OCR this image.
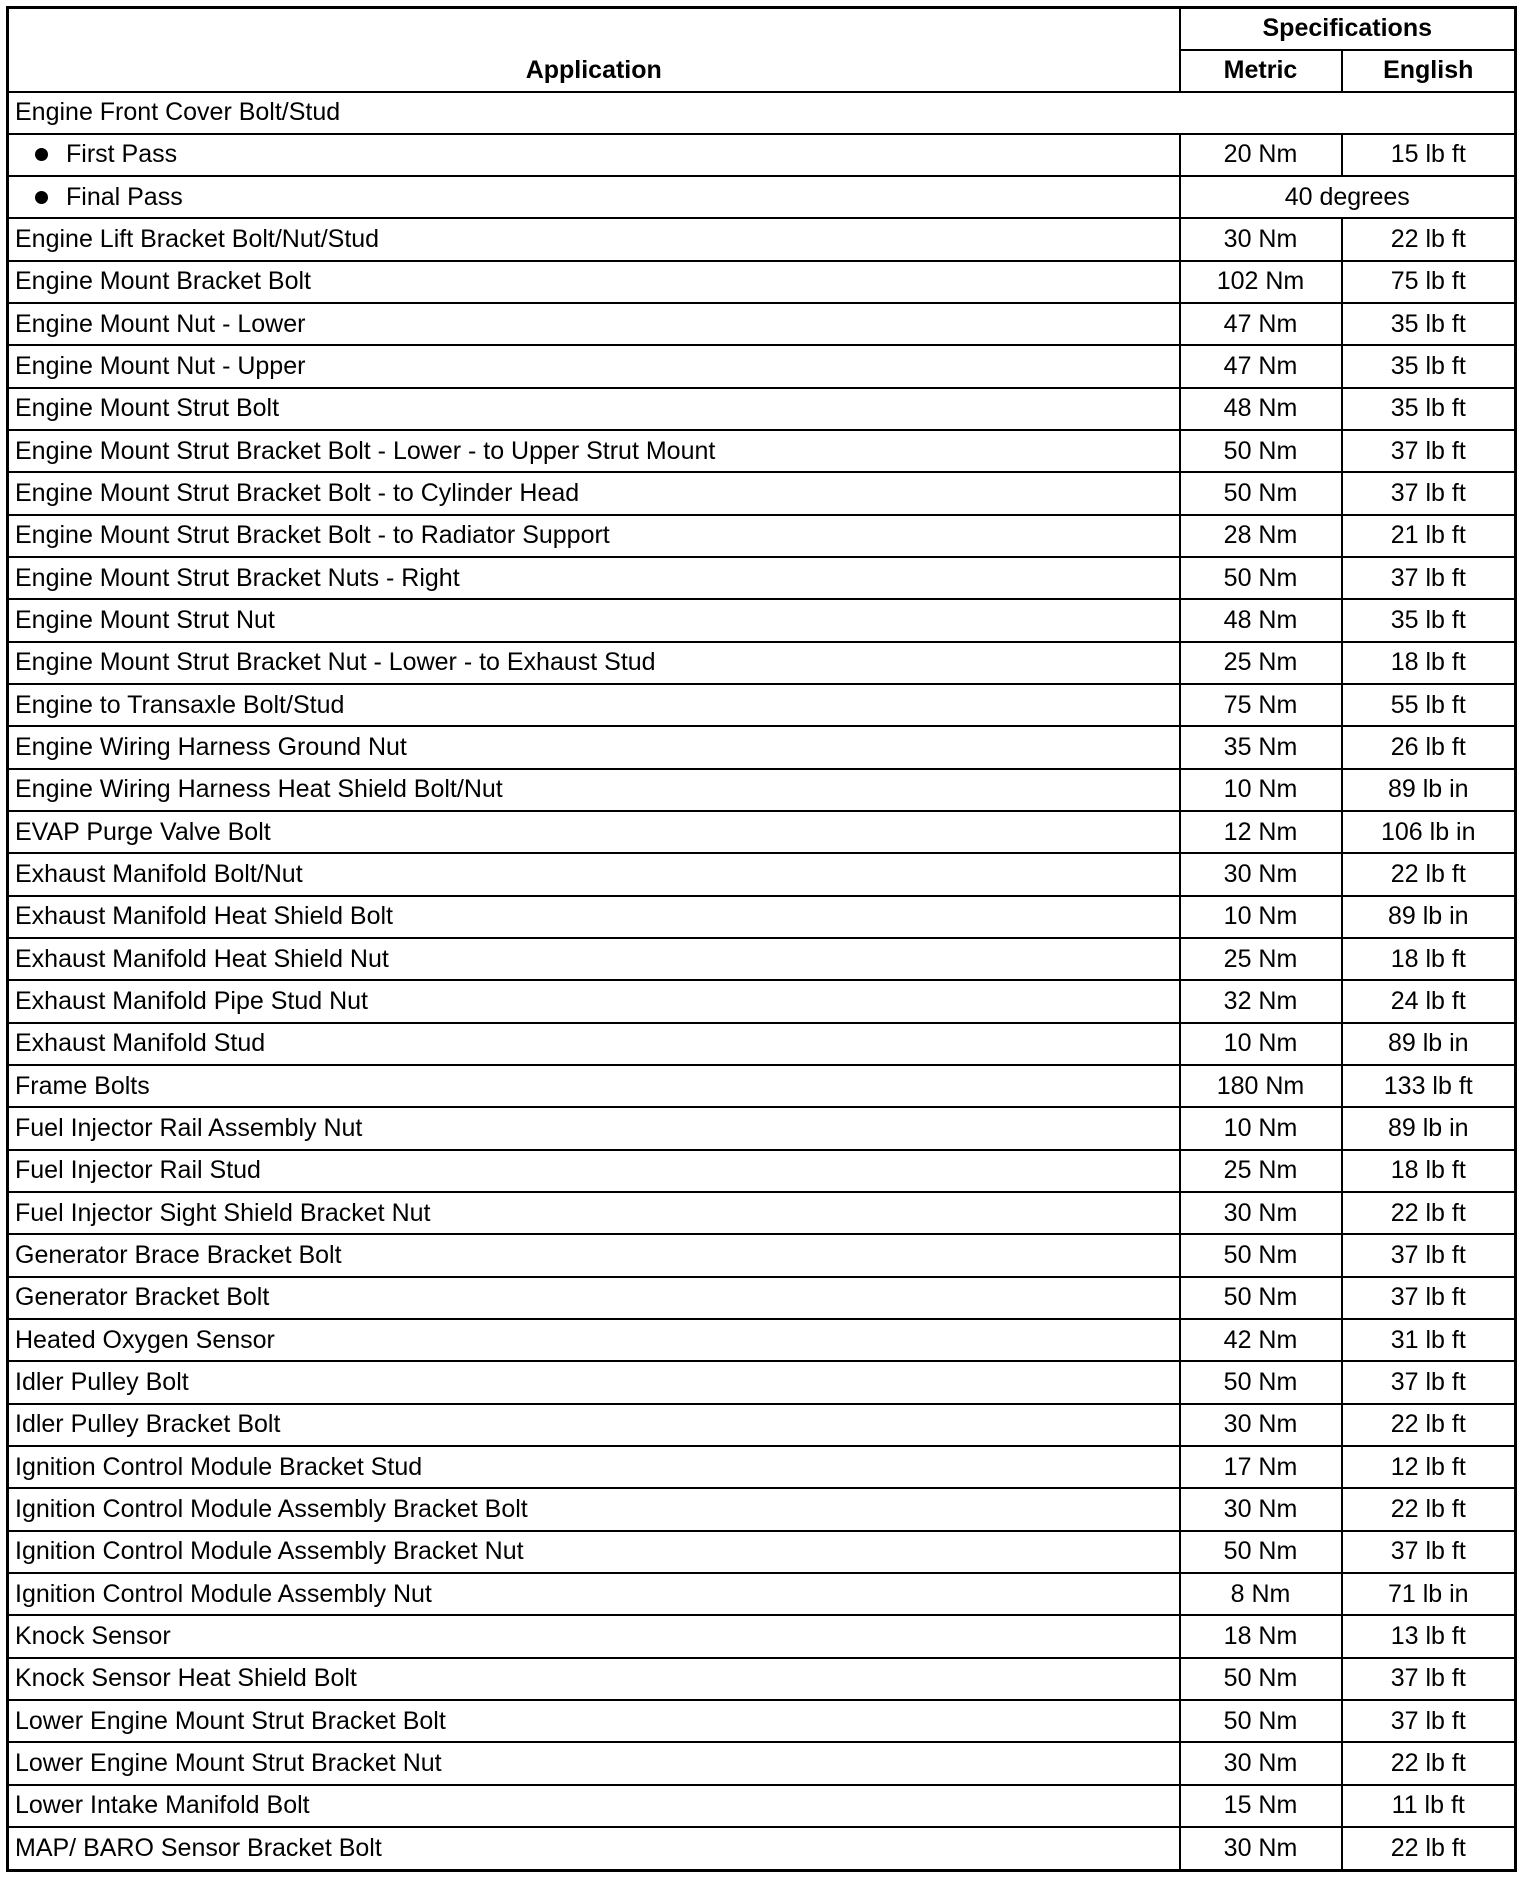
Application	Specifications	
	Metric	English
Engine Front Cover Bolt/Stud		
First Pass	20 Nm	15 lb ft
Final Pass	40 degrees	
Engine Lift Bracket Bolt/Nut/Stud	30 Nm	22 lb ft
Engine Mount Bracket Bolt	102 Nm	75 lb ft
Engine Mount Nut - Lower	47 Nm	35 lb ft
Engine Mount Nut - Upper	47 Nm	35 lb ft
Engine Mount Strut Bolt	48 Nm	35 lb ft
Engine Mount Strut Bracket Bolt - Lower - to Upper Strut Mount	50 Nm	37 lb ft
Engine Mount Strut Bracket Bolt - to Cylinder Head	50 Nm	37 lb ft
Engine Mount Strut Bracket Bolt - to Radiator Support	28 Nm	21 lb ft
Engine Mount Strut Bracket Nuts - Right	50 Nm	37 lb ft
Engine Mount Strut Nut	48 Nm	35 lb ft
Engine Mount Strut Bracket Nut - Lower - to Exhaust Stud	25 Nm	18 lb ft
Engine to Transaxle Bolt/Stud	75 Nm	55 lb ft
Engine Wiring Harness Ground Nut	35 Nm	26 lb ft
Engine Wiring Harness Heat Shield Bolt/Nut	10 Nm	89 lb in
EVAP Purge Valve Bolt	12 Nm	106 lb in
Exhaust Manifold Bolt/Nut	30 Nm	22 lb ft
Exhaust Manifold Heat Shield Bolt	10 Nm	89 lb in
Exhaust Manifold Heat Shield Nut	25 Nm	18 lb ft
Exhaust Manifold Pipe Stud Nut	32 Nm	24 lb ft
Exhaust Manifold Stud	10 Nm	89 lb in
Frame Bolts	180 Nm	133 lb ft
Fuel Injector Rail Assembly Nut	10 Nm	89 lb in
Fuel Injector Rail Stud	25 Nm	18 lb ft
Fuel Injector Sight Shield Bracket Nut	30 Nm	22 lb ft
Generator Brace Bracket Bolt	50 Nm	37 lb ft
Generator Bracket Bolt	50 Nm	37 lb ft
Heated Oxygen Sensor	42 Nm	31 lb ft
Idler Pulley Bolt	50 Nm	37 lb ft
Idler Pulley Bracket Bolt	30 Nm	22 lb ft
Ignition Control Module Bracket Stud	17 Nm	12 lb ft
Ignition Control Module Assembly Bracket Bolt	30 Nm	22 lb ft
Ignition Control Module Assembly Bracket Nut	50 Nm	37 lb ft
Ignition Control Module Assembly Nut	8 Nm	71 lb in
Knock Sensor	18 Nm	13 lb ft
Knock Sensor Heat Shield Bolt	50 Nm	37 lb ft
Lower Engine Mount Strut Bracket Bolt	50 Nm	37 lb ft
Lower Engine Mount Strut Bracket Nut	30 Nm	22 lb ft
Lower Intake Manifold Bolt	15 Nm	11 lb ft
MAP/ BARO Sensor Bracket Bolt	30 Nm	22 lb ft
